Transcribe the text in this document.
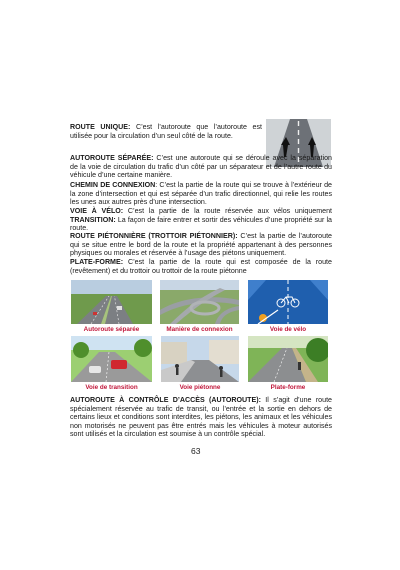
ROUTE UNIQUE: C’est l’autoroute que l’autoroute est utilisée pour la circulation d’un seul côté de la route.
AUTOROUTE SÉPARÉE: C’est une autoroute qui se déroule avec la séparation de la voie de circulation du trafic d’un côté par un séparateur et de l’autre route du véhicule d’une certaine manière.
CHEMIN DE CONNEXION: C’est la partie de la route qui se trouve à l’extérieur de la zone d’intersection et qui est séparée d’un trafic directionnel, qui relie les routes les unes aux autres près d’une intersection.
VOIE À VÉLO: C’est la partie de la route réservée aux vélos uniquement TRANSITION: La façon de faire entrer et sortir des véhicules d’une propriété sur la route.
ROUTE PIÉTONNIÈRE (TROTTOIR PIÉTONNIER): C’est la partie de l’autoroute qui se situe entre le bord de la route et la propriété appartenant à des personnes physiques ou morales et réservée à l’usage des piétons uniquement.
PLATE-FORME: C’est la partie de la route qui est composée de la route (revêtement) et du trottoir ou trottoir de la route piétonne
Autoroute séparée	Manière de connexion	Voie de vélo
Voie de transition	Voie piétonne	Plate-forme
AUTOROUTE À CONTRÔLE D’ACCÈS (AUTOROUTE): Il s’agit d’une route spécialement réservée au trafic de transit, ou l’entrée et la sortie en dehors de certains lieux et conditions sont interdites, les piétons, les animaux et les véhicules non motorisés ne peuvent pas être entrés mais les véhicules à moteur autorisés sont utilisés et la circulation est soumise à un contrôle spécial.
63
